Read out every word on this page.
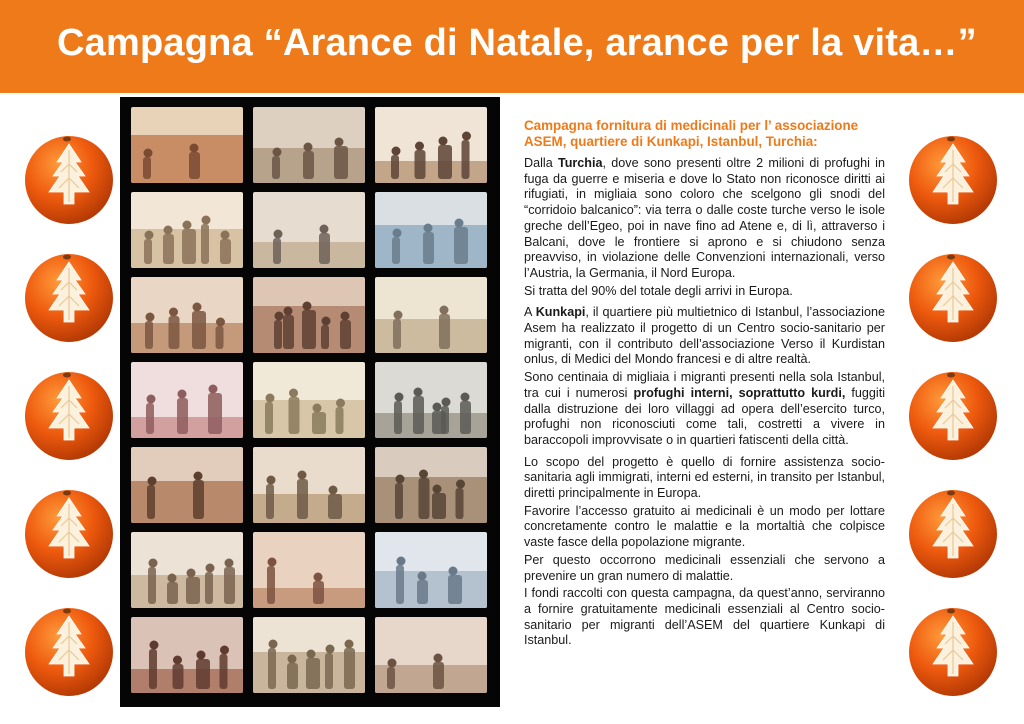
Campagna “Arance di Natale, arance per la vita…”
Campagna fornitura di medicinali per l’ associazione ASEM, quartiere di Kunkapi, Istanbul, Turchia:

Dalla Turchia, dove sono presenti oltre 2 milioni di profughi in fuga da guerre e miseria e dove lo Stato non riconosce diritti ai rifugiati, in migliaia sono coloro che scelgono gli snodi del “corridoio balcanico”: via terra o dalle coste turche verso le isole greche dell’Egeo, poi in nave fino ad Atene e, di lì, attraverso i Balcani, dove le frontiere si aprono e si chiudono senza preavviso, in violazione delle Convenzioni internazionali, verso l’Austria, la Germania, il Nord Europa.

Si tratta del 90% del totale degli arrivi in Europa.

A Kunkapi, il quartiere più multietnico di Istanbul, l’associazione Asem ha realizzato il progetto di un Centro socio-sanitario per migranti, con il contributo dell’associazione Verso il Kurdistan onlus, di Medici del Mondo francesi e di altre realtà.

Sono centinaia di migliaia i migranti presenti nella sola Istanbul, tra cui i numerosi profughi interni, soprattutto kurdi, fuggiti dalla distruzione dei loro villaggi ad opera dell’esercito turco, profughi non riconosciuti come tali, costretti a vivere in baraccopoli improvvisate o in quartieri fatiscenti della città.

Lo scopo del progetto è quello di fornire assistenza socio-sanitaria agli immigrati, interni ed esterni, in transito per Istanbul, diretti principalmente in Europa.

Favorire l’accesso gratuito ai medicinali è un modo per lottare concretamente contro le malattie e la mortaltià che colpisce vaste fasce della popolazione migrante.

Per questo occorrono medicinali essenziali che servono a prevenire un gran numero di malattie.

I fondi raccolti con questa campagna, da quest’anno, serviranno a fornire gratuitamente medicinali essenziali al Centro socio-sanitario per migranti dell’ASEM del quartiere Kunkapi di Istanbul.
